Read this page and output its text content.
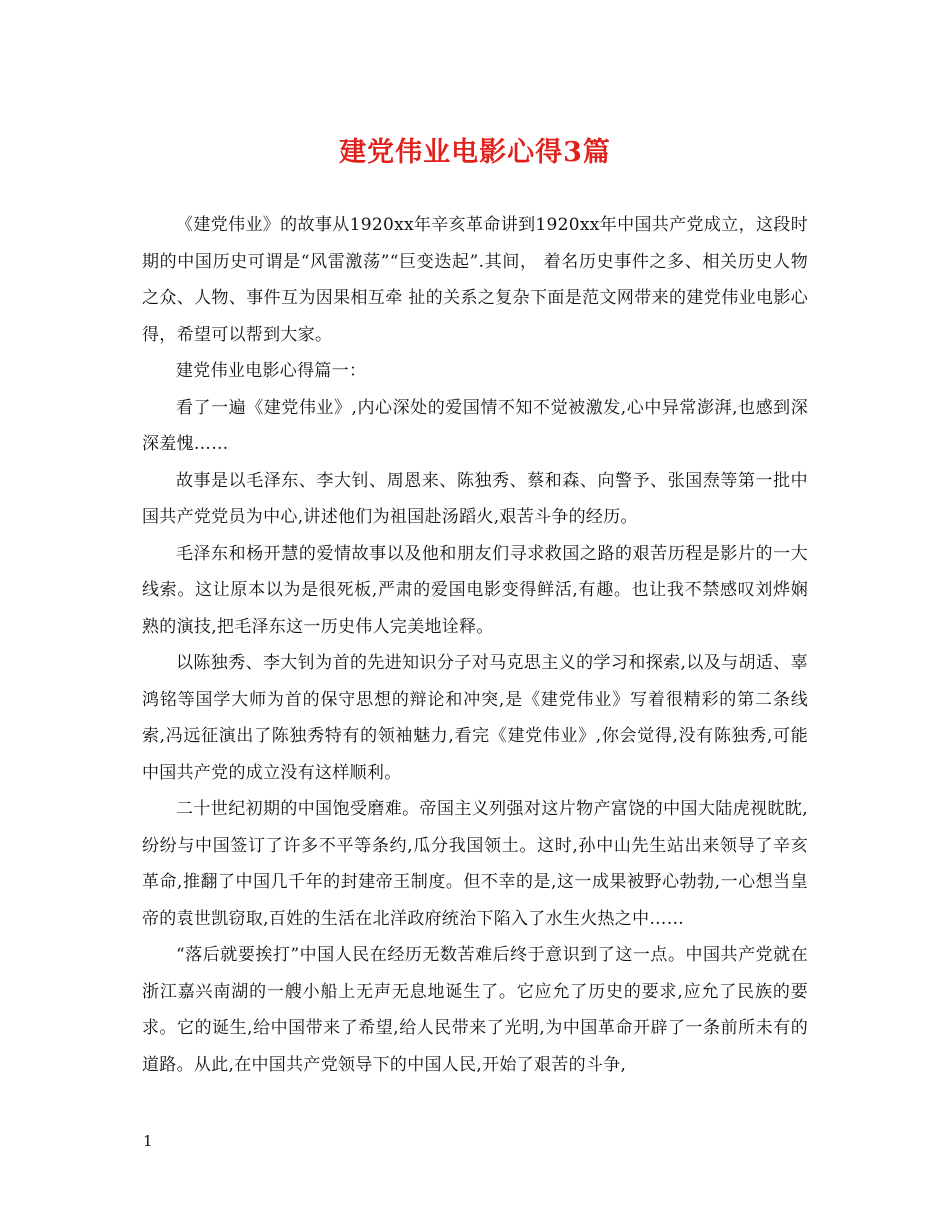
建党伟业电影心得3篇

《建党伟业》的故事从1920xx年辛亥革命讲到1920xx年中国共产党成立，这段时期的中国历史可谓是“风雷激荡”“巨变迭起”.其间， 着名历史事件之多、相关历史人物之众、人物、事件互为因果相互牵 扯的关系之复杂下面是范文网带来的建党伟业电影心得，希望可以帮到大家。

建党伟业电影心得篇一：

看了一遍《建党伟业》,内心深处的爱国情不知不觉被激发,心中异常澎湃,也感到深深羞愧……

故事是以毛泽东、李大钊、周恩来、陈独秀、蔡和森、向警予、张国焘等第一批中国共产党党员为中心,讲述他们为祖国赴汤蹈火,艰苦斗争的经历。

毛泽东和杨开慧的爱情故事以及他和朋友们寻求救国之路的艰苦历程是影片的一大线索。这让原本以为是很死板,严肃的爱国电影变得鲜活,有趣。也让我不禁感叹刘烨娴熟的演技,把毛泽东这一历史伟人完美地诠释。

以陈独秀、李大钊为首的先进知识分子对马克思主义的学习和探索,以及与胡适、辜鸿铭等国学大师为首的保守思想的辩论和冲突,是《建党伟业》写着很精彩的第二条线索,冯远征演出了陈独秀特有的领袖魅力,看完《建党伟业》,你会觉得,没有陈独秀,可能中国共产党的成立没有这样顺利。

二十世纪初期的中国饱受磨难。帝国主义列强对这片物产富饶的中国大陆虎视眈眈,纷纷与中国签订了许多不平等条约,瓜分我国领土。这时,孙中山先生站出来领导了辛亥革命,推翻了中国几千年的封建帝王制度。但不幸的是,这一成果被野心勃勃,一心想当皇帝的袁世凯窃取,百姓的生活在北洋政府统治下陷入了水生火热之中……

“落后就要挨打”中国人民在经历无数苦难后终于意识到了这一点。中国共产党就在浙江嘉兴南湖的一艘小船上无声无息地诞生了。它应允了历史的要求,应允了民族的要求。它的诞生,给中国带来了希望,给人民带来了光明,为中国革命开辟了一条前所未有的道路。从此,在中国共产党领导下的中国人民,开始了艰苦的斗争,

1
